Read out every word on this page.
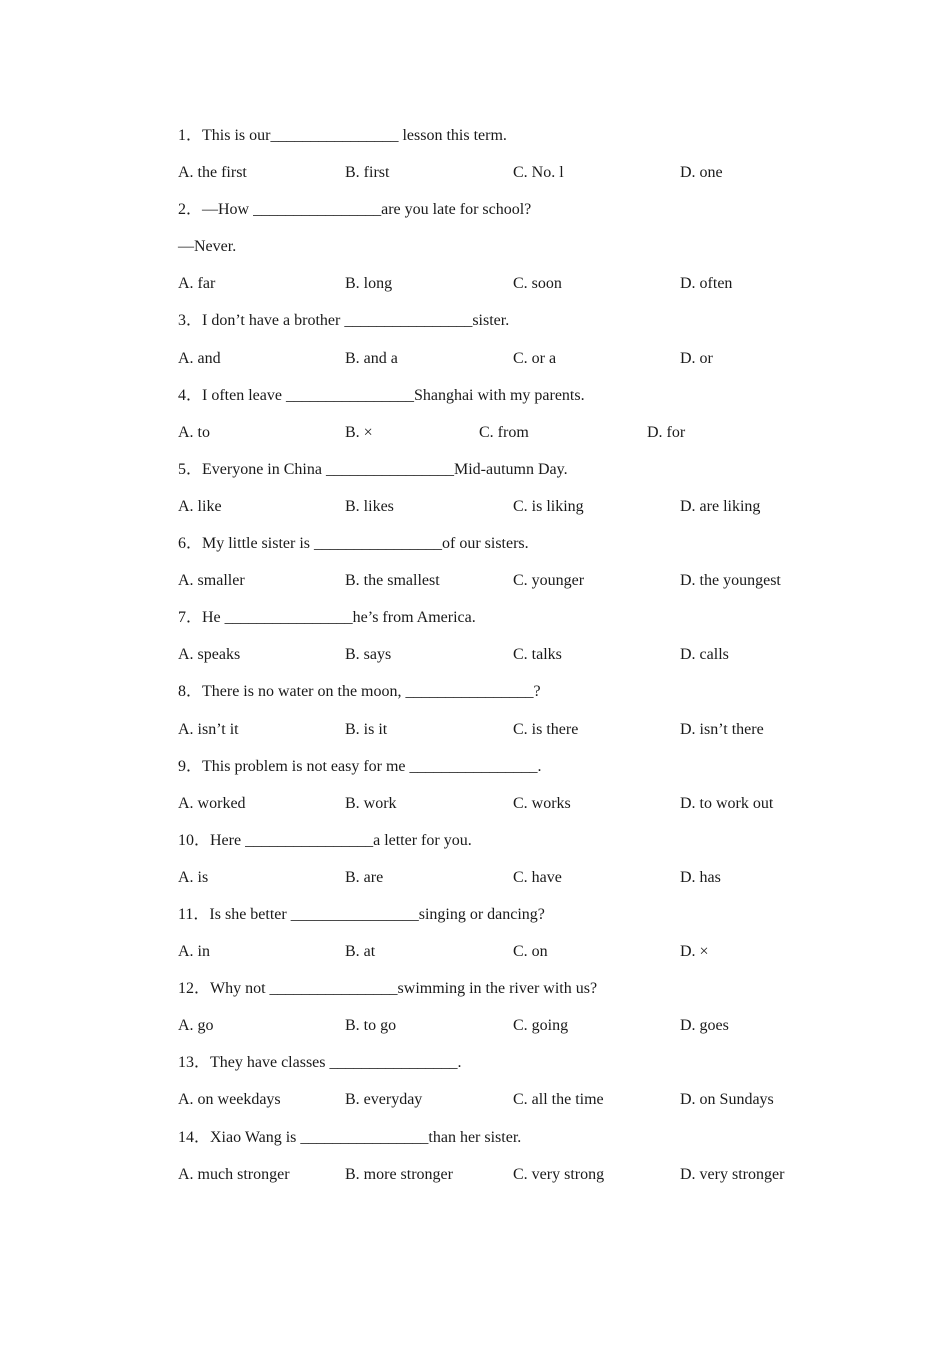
1．This is our________________ lesson this term.

A. the first

	B. first

	C. No. l

	D. one

2．—How ________________are you late for school?
—Never.

A. far

	B. long

	C. soon

	D. often

3．I don’t have a brother ________________sister.

A. and

	B. and a

	C. or a

	D. or

4．I often leave ________________Shanghai with my parents.

A. to

	B. ×

	C. from

	D. for

5．Everyone in China ________________Mid-autumn Day.

A. like

	B. likes

	C. is liking

	D. are liking

6．My little sister is ________________of our sisters.

A. smaller

	B. the smallest

	C. younger

	D. the youngest

7．He ________________he’s from America.

A. speaks

	B. says

	C. talks

	D. calls

8．There is no water on the moon, ________________?

A. isn’t it

	B. is it

	C. is there

	D. isn’t there

9．This problem is not easy for me ________________.

A. worked

	B. work

	C. works

	D. to work out

10．Here ________________a letter for you.

A. is

	B. are

	C. have

	D. has

11．Is she better ________________singing or dancing?

A. in

	B. at

	C. on

	D. ×

12．Why not ________________swimming in the river with us?

A. go

	B. to go

	C. going

	D. goes

13．They have classes ________________.

A. on weekdays

	B. everyday

	C. all the time

	D. on Sundays

14．Xiao Wang is ________________than her sister.

A. much stronger

	B. more stronger

	C. very strong

	D. very stronger
